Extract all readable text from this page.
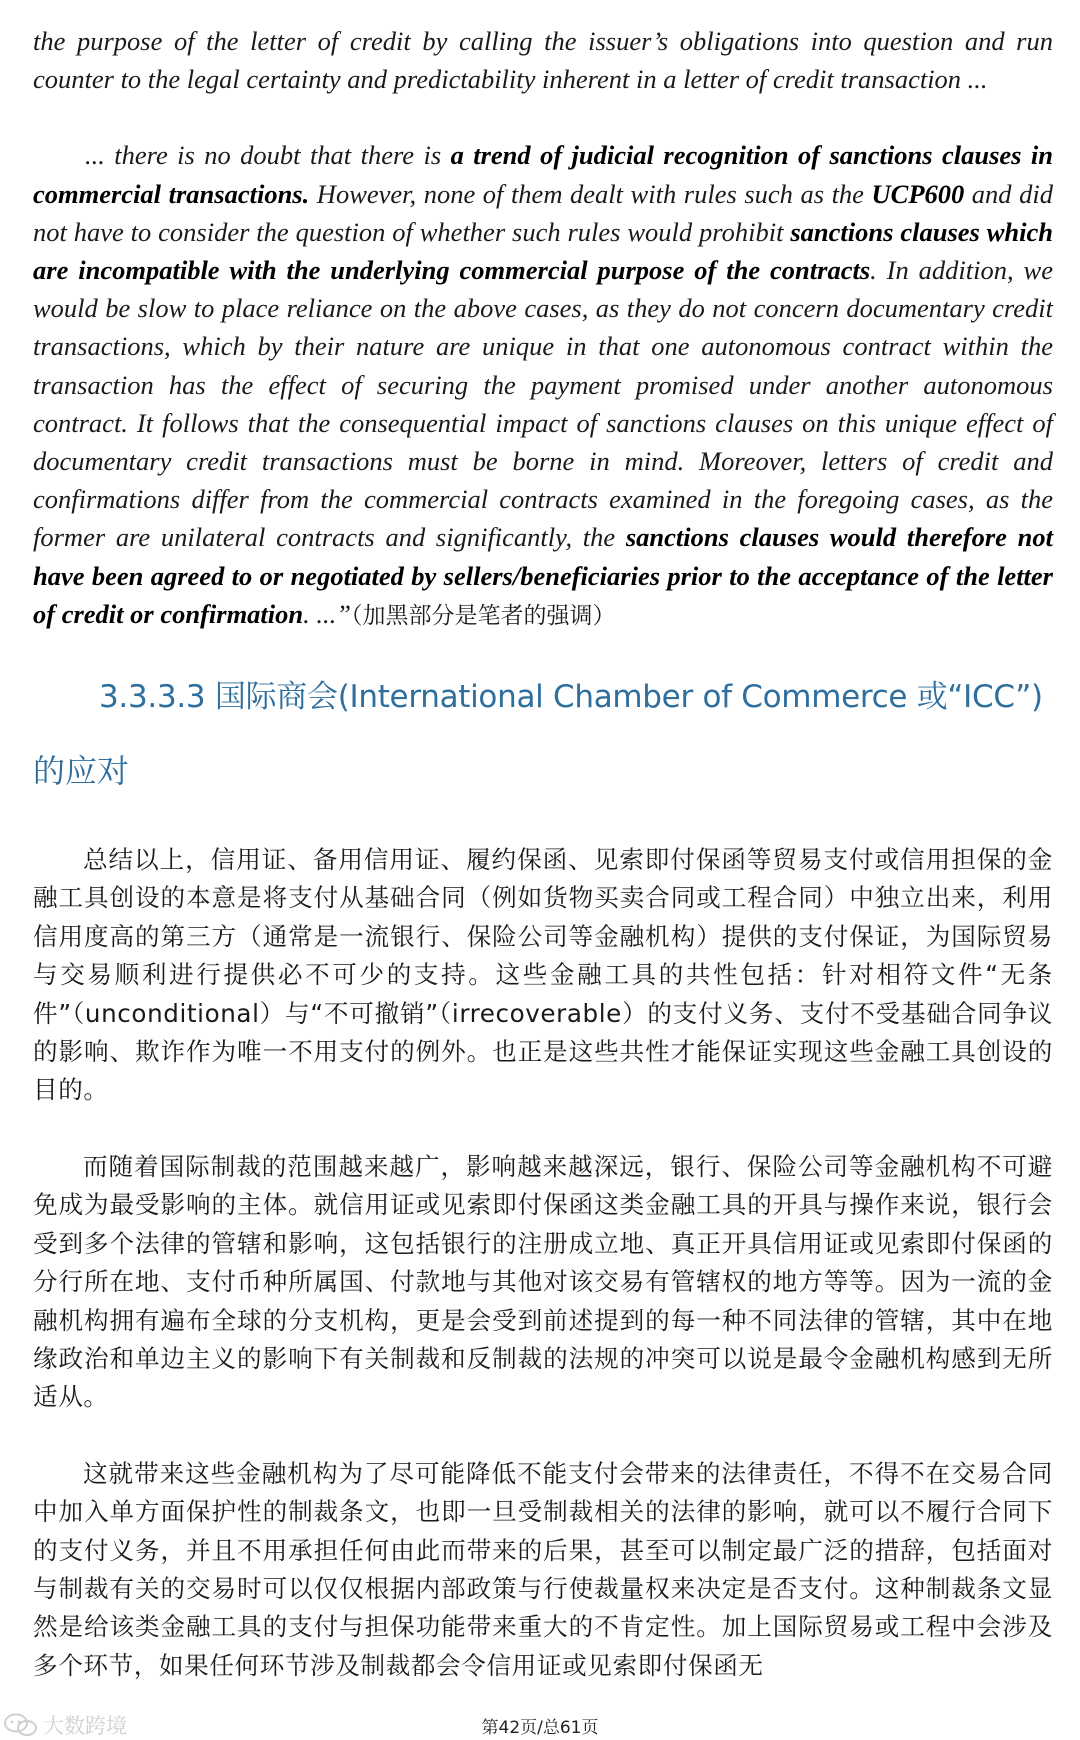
the purpose of the letter of credit by calling the issuer’s obligations into question and run counter to the legal certainty and predictability inherent in a letter of credit transaction ...

... there is no doubt that there is a trend of judicial recognition of sanctions clauses in commercial transactions. However, none of them dealt with rules such as the UCP600 and did not have to consider the question of whether such rules would prohibit sanctions clauses which are incompatible with the underlying commercial purpose of the contracts. In addition, we would be slow to place reliance on the above cases, as they do not concern documentary credit transactions, which by their nature are unique in that one autonomous contract within the transaction has the effect of securing the payment promised under another autonomous contract. It follows that the consequential impact of sanctions clauses on this unique effect of documentary credit transactions must be borne in mind. Moreover, letters of credit and confirmations differ from the commercial contracts examined in the foregoing cases, as the former are unilateral contracts and significantly, the sanctions clauses would therefore not have been agreed to or negotiated by sellers/beneficiaries prior to the acceptance of the letter of credit or confirmation. ...”（加黑部分是笔者的强调）

3.3.3.3 国际商会(International Chamber of Commerce 或“ICC”)
的应对

总结以上，信用证、备用信用证、履约保函、见索即付保函等贸易支付或信用担保的金融工具创设的本意是将支付从基础合同（例如货物买卖合同或工程合同）中独立出来，利用信用度高的第三方（通常是一流银行、保险公司等金融机构）提供的支付保证，为国际贸易与交易顺利进行提供必不可少的支持。这些金融工具的共性包括：针对相符文件“无条件”（unconditional）与“不可撤销”（irrecoverable）的支付义务、支付不受基础合同争议的影响、欺诈作为唯一不用支付的例外。也正是这些共性才能保证实现这些金融工具创设的目的。

而随着国际制裁的范围越来越广，影响越来越深远，银行、保险公司等金融机构不可避免成为最受影响的主体。就信用证或见索即付保函这类金融工具的开具与操作来说，银行会受到多个法律的管辖和影响，这包括银行的注册成立地、真正开具信用证或见索即付保函的分行所在地、支付币种所属国、付款地与其他对该交易有管辖权的地方等等。因为一流的金融机构拥有遍布全球的分支机构，更是会受到前述提到的每一种不同法律的管辖，其中在地缘政治和单边主义的影响下有关制裁和反制裁的法规的冲突可以说是最令金融机构感到无所适从。

这就带来这些金融机构为了尽可能降低不能支付会带来的法律责任，不得不在交易合同中加入单方面保护性的制裁条文，也即一旦受制裁相关的法律的影响，就可以不履行合同下的支付义务，并且不用承担任何由此而带来的后果，甚至可以制定最广泛的措辞，包括面对与制裁有关的交易时可以仅仅根据内部政策与行使裁量权来决定是否支付。这种制裁条文显然是给该类金融工具的支付与担保功能带来重大的不肯定性。加上国际贸易或工程中会涉及多个环节，如果任何环节涉及制裁都会令信用证或见索即付保函无

大数跨境	第42页/总61页
